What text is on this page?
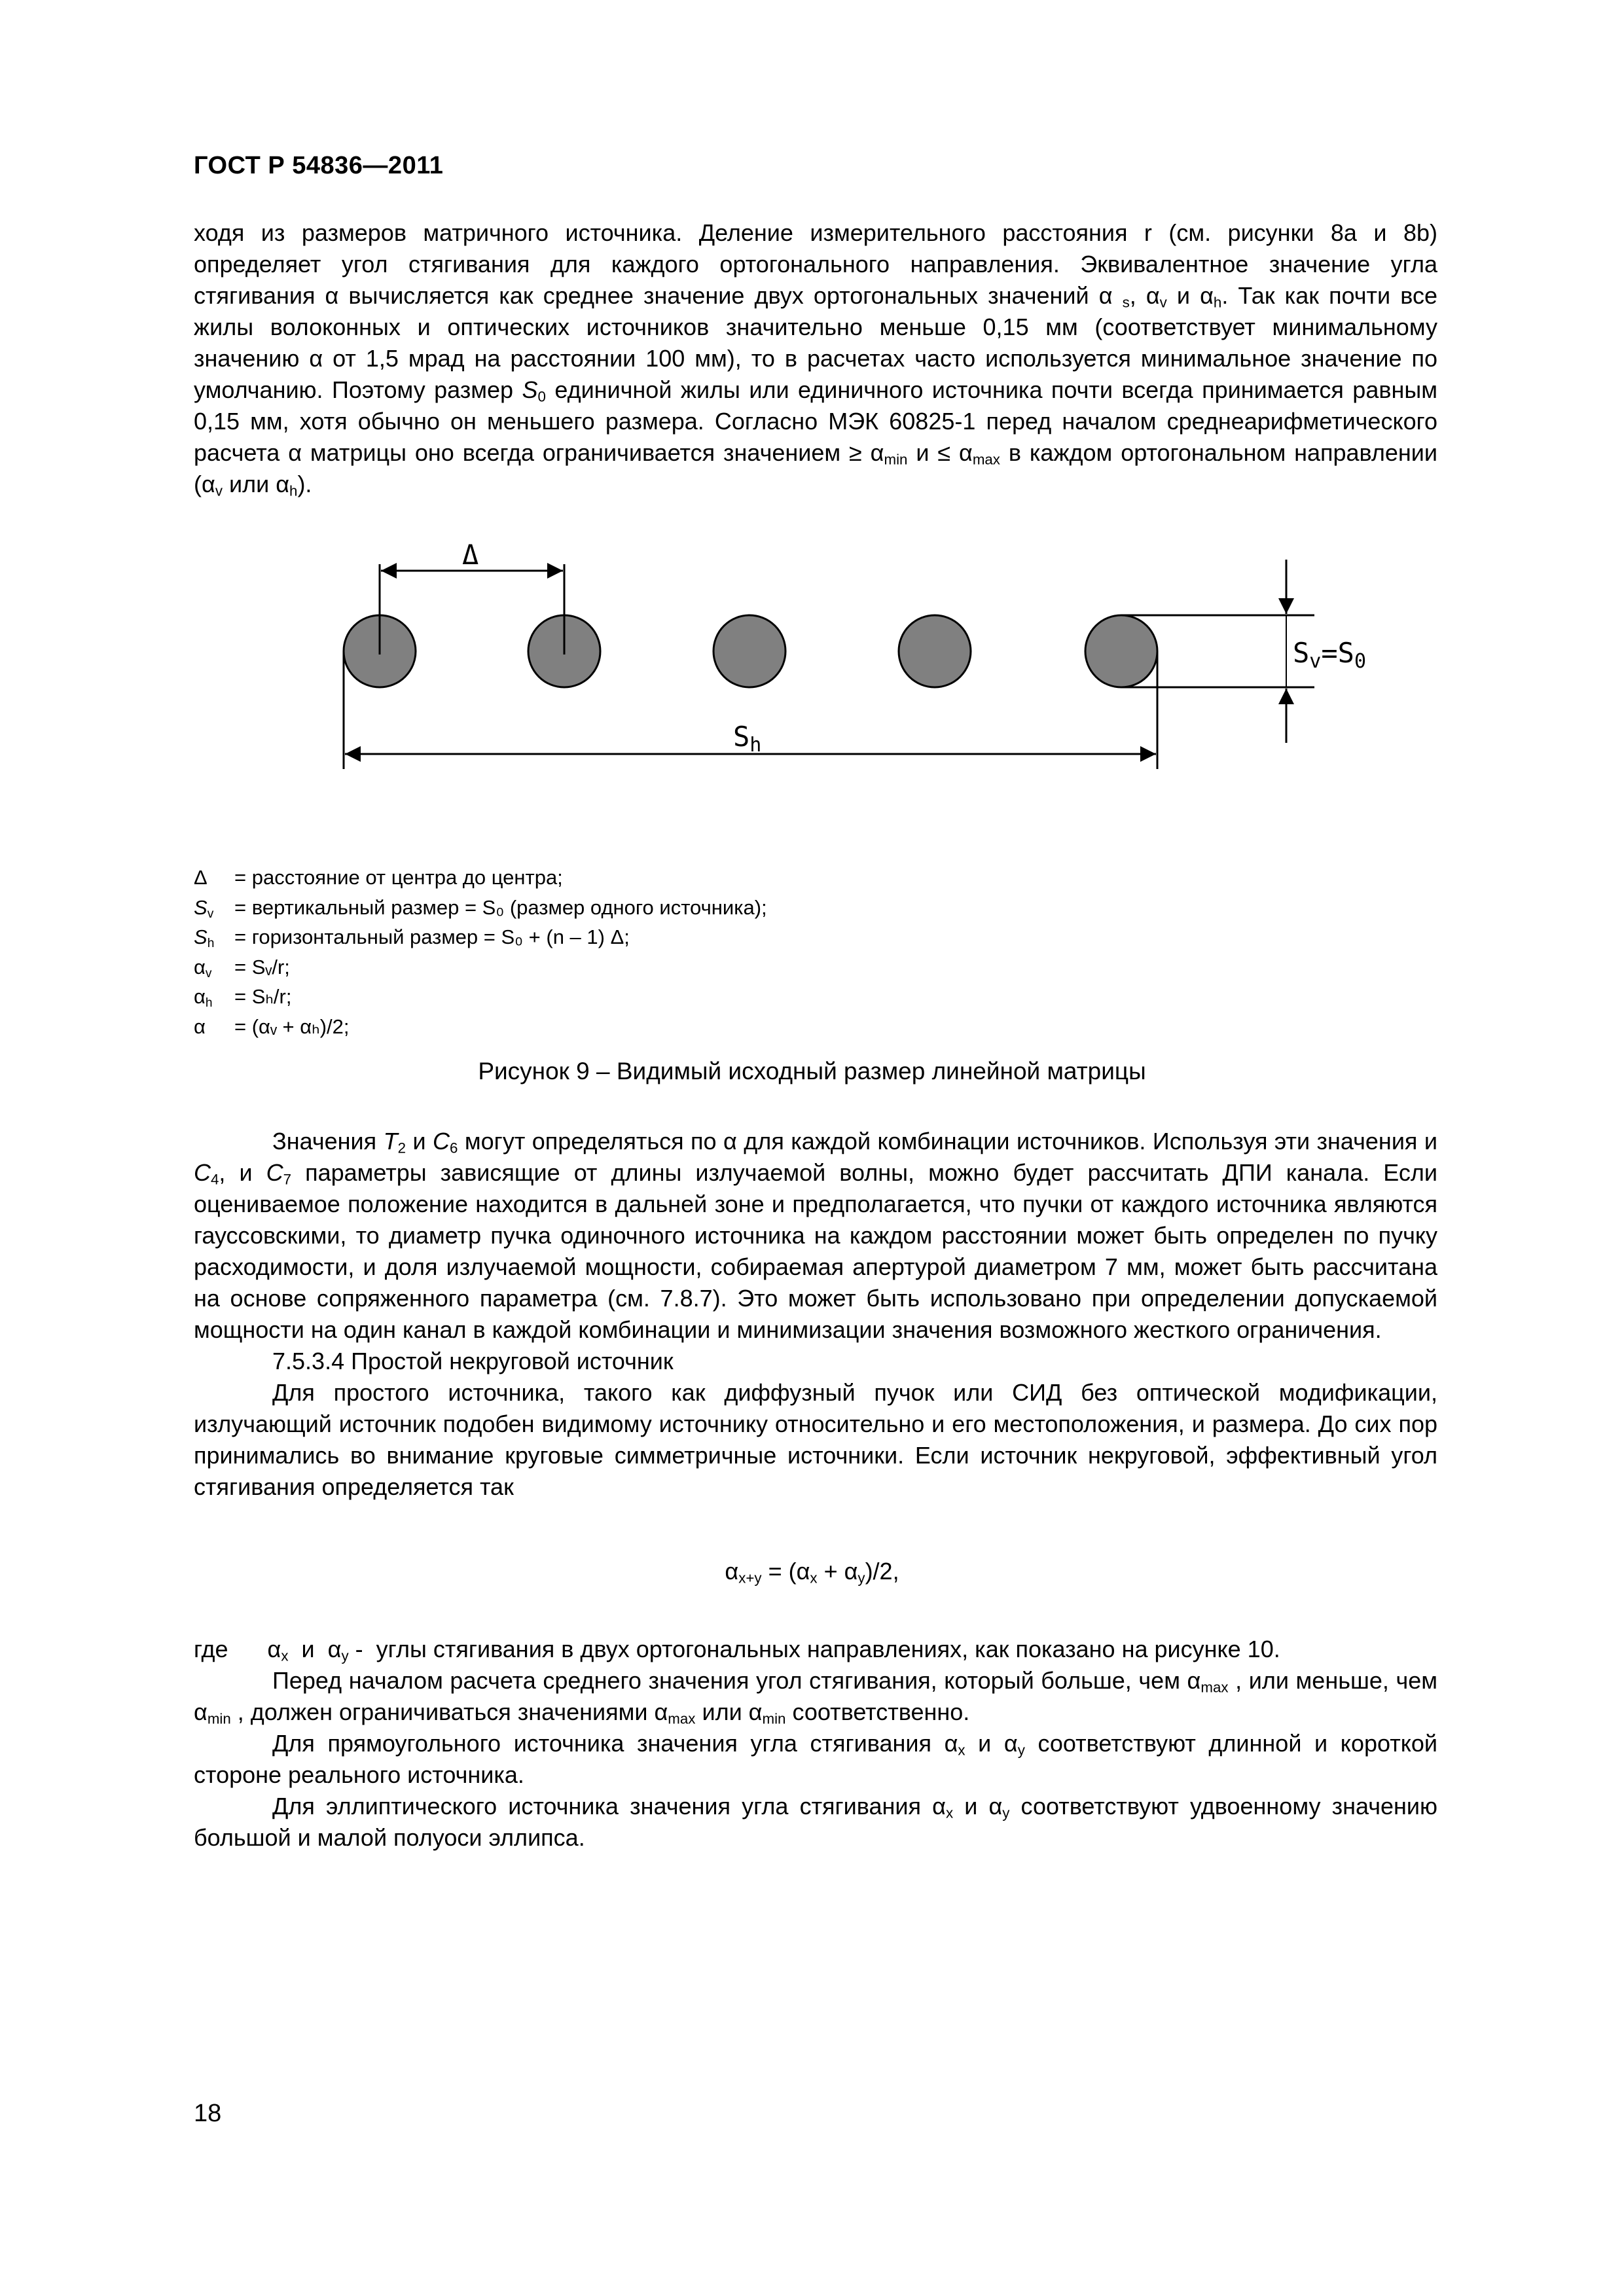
ГОСТ Р 54836—2011

ходя из размеров матричного источника. Деление измерительного расстояния r (см. рисунки 8a и 8b) определяет угол стягивания для каждого ортогонального направления. Эквивалентное значение угла стягивания α вычисляется как среднее значение двух ортогональных значений α $_s$, $\alpha_v$ и $\alpha_h$. Так как почти все жилы волоконных и оптических источников значительно меньше 0,15 мм (соответствует минимальному значению α от 1,5 мрад на расстоянии 100 мм), то в расчетах часто используется минимальное значение по умолчанию. Поэтому размер $S_0$ единичной жилы или единичного источника почти всегда принимается равным 0,15 мм, хотя обычно он меньшего размера. Согласно МЭК 60825-1 перед началом среднеарифметического расчета α матрицы оно всегда ограничивается значением ≥ $\alpha_{min}$ $и \le \alpha_{max}$ в каждом ортогональном направлении ($\alpha_v$ или $\alpha_h$).

Δ
Sh
Sv=S0
Δ = расстояние от центра до центра;
$S_v$ = вертикальный размер = S₀ (размер одного источника);
$S_h$ = горизонтальный размер = S₀ + (n – 1) Δ;
$\alpha_v$ = Sᵥ/r;
$\alpha_h = S_h/r$;
α = (αᵥ + αₕ)/2;
Рисунок 9 – Видимый исходный размер линейной матрицы

Значения $T_2$ и $C_6$ могут определяться по α для каждой комбинации источников. Используя эти значения и $C_4$, и $C_7$ параметры зависящие от длины излучаемой волны, можно будет рассчитать ДПИ канала. Если оцениваемое положение находится в дальней зоне и предполагается, что пучки от каждого источника являются гауссовскими, то диаметр пучка одиночного источника на каждом расстоянии может быть определен по пучку расходимости, и доля излучаемой мощности, собираемая апертурой диаметром 7 мм, может быть рассчитана на основе сопряженного параметра (см. 7.8.7). Это может быть использовано при определении допускаемой мощности на один канал в каждой комбинации и минимизации значения возможного жесткого ограничения.

7.5.3.4 Простой некруговой источник

Для простого источника, такого как диффузный пучок или СИД без оптической модификации, излучающий источник подобен видимому источнику относительно и его местоположения, и размера. До сих пор принимались во внимание круговые симметричные источники. Если источник некруговой, эффективный угол стягивания определяется так

$\alpha_{x+y} = (\alpha_x + \alpha_y)/2$,

где      $\alpha_x$  и  $\alpha_y$ -  углы стягивания в двух ортогональных направлениях, как показано на рисунке 10.

Перед началом расчета среднего значения угол стягивания, который больше, чем $\alpha_{max}$ , или меньше, чем $\alpha_{min}$ , должен ограничиваться значениями $\alpha_{max}$ или $\alpha_{min}$ соответственно.

Для прямоугольного источника значения угла стягивания $\alpha_x$ и $\alpha_y$ соответствуют длинной и короткой стороне реального источника.

Для эллиптического источника значения угла стягивания $\alpha_x$ и $\alpha_y$ соответствуют удвоенному значению большой и малой полуоси эллипса.

18
